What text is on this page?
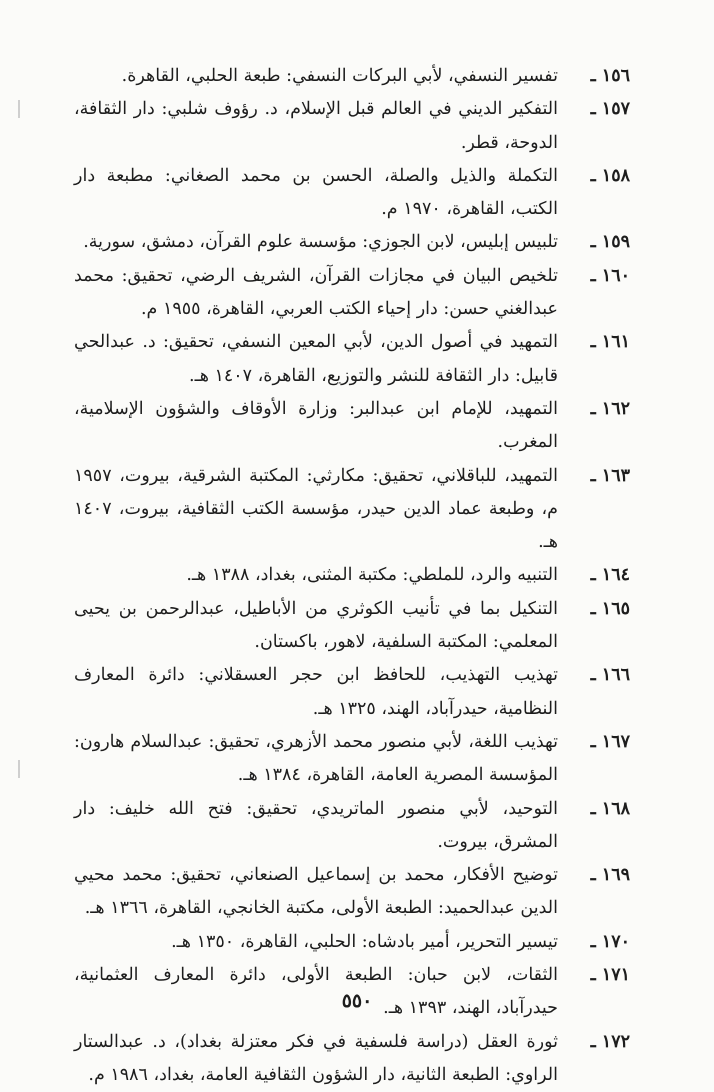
١٥٦ ـ
تفسير النسفي، لأبي البركات النسفي: طبعة الحلبي، القاهرة.
١٥٧ ـ
التفكير الديني في العالم قبل الإسلام، د. رؤوف شلبي: دار الثقافة، الدوحة، قطر.
١٥٨ ـ
التكملة والذيل والصلة، الحسن بن محمد الصغاني: مطبعة دار الكتب، القاهرة، ١٩٧٠ م.
١٥٩ ـ
تلبيس إبليس، لابن الجوزي: مؤسسة علوم القرآن، دمشق، سورية.
١٦٠ ـ
تلخيص البيان في مجازات القرآن، الشريف الرضي، تحقيق: محمد عبدالغني حسن: دار إحياء الكتب العربي، القاهرة، ١٩٥٥ م.
١٦١ ـ
التمهيد في أصول الدين، لأبي المعين النسفي، تحقيق: د. عبدالحي قابيل: دار الثقافة للنشر والتوزيع، القاهرة، ١٤٠٧ هـ.
١٦٢ ـ
التمهيد، للإمام ابن عبدالبر: وزارة الأوقاف والشؤون الإسلامية، المغرب.
١٦٣ ـ
التمهيد، للباقلاني، تحقيق: مكارثي: المكتبة الشرقية، بيروت، ١٩٥٧ م، وطبعة عماد الدين حيدر، مؤسسة الكتب الثقافية، بيروت، ١٤٠٧ هـ.
١٦٤ ـ
التنبيه والرد، للملطي: مكتبة المثنى، بغداد، ١٣٨٨ هـ.
١٦٥ ـ
التنكيل بما في تأنيب الكوثري من الأباطيل، عبدالرحمن بن يحيى المعلمي: المكتبة السلفية، لاهور، باكستان.
١٦٦ ـ
تهذيب التهذيب، للحافظ ابن حجر العسقلاني: دائرة المعارف النظامية، حيدرآباد، الهند، ١٣٢٥ هـ.
١٦٧ ـ
تهذيب اللغة، لأبي منصور محمد الأزهري، تحقيق: عبدالسلام هارون: المؤسسة المصرية العامة، القاهرة، ١٣٨٤ هـ.
١٦٨ ـ
التوحيد، لأبي منصور الماتريدي، تحقيق: فتح الله خليف: دار المشرق، بيروت.
١٦٩ ـ
توضيح الأفكار، محمد بن إسماعيل الصنعاني، تحقيق: محمد محيي الدين عبدالحميد: الطبعة الأولى، مكتبة الخانجي، القاهرة، ١٣٦٦ هـ.
١٧٠ ـ
تيسير التحرير، أمير بادشاه: الحلبي، القاهرة، ١٣٥٠ هـ.
١٧١ ـ
الثقات، لابن حبان: الطبعة الأولى، دائرة المعارف العثمانية، حيدرآباد، الهند، ١٣٩٣ هـ.
١٧٢ ـ
ثورة العقل (دراسة فلسفية في فكر معتزلة بغداد)، د. عبدالستار الراوي: الطبعة الثانية، دار الشؤون الثقافية العامة، بغداد، ١٩٨٦ م.
٥٥٠
